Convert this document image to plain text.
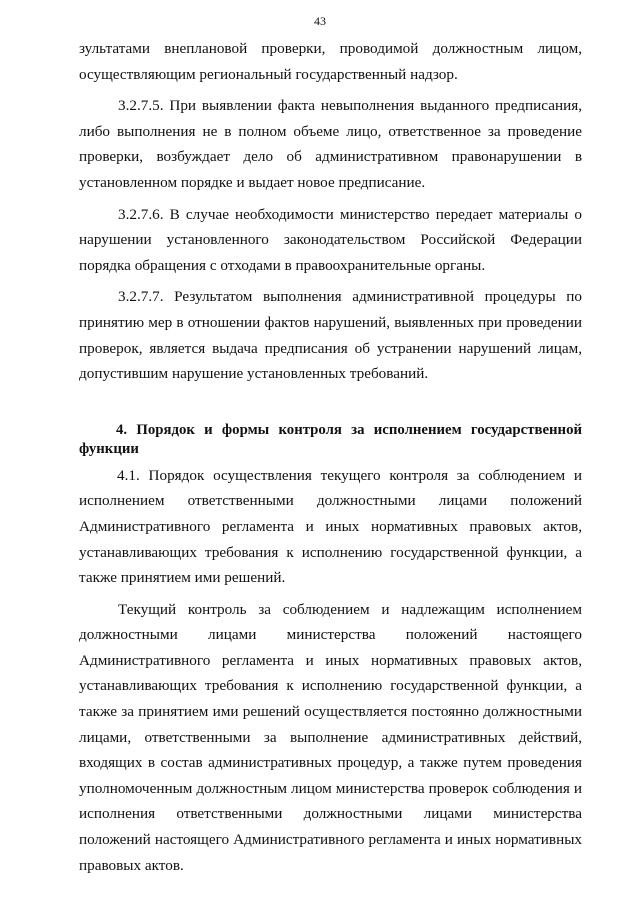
43

зультатами внеплановой проверки, проводимой должностным лицом, осуществляющим региональный государственный надзор.

3.2.7.5. При выявлении факта невыполнения выданного предписания, либо выполнения не в полном объеме лицо, ответственное за проведение проверки, возбуждает дело об административном правонарушении в установленном порядке и выдает новое предписание.

3.2.7.6. В случае необходимости министерство передает материалы о нарушении установленного законодательством Российской Федерации порядка обращения с отходами в правоохранительные органы.

3.2.7.7. Результатом выполнения административной процедуры по принятию мер в отношении фактов нарушений, выявленных при проведении проверок, является выдача предписания об устранении нарушений лицам, допустившим нарушение установленных требований.

4. Порядок и формы контроля за исполнением государственной функции

4.1. Порядок осуществления текущего контроля за соблюдением и исполнением ответственными должностными лицами положений Административного регламента и иных нормативных правовых актов, устанавливающих требования к исполнению государственной функции, а также принятием ими решений.

Текущий контроль за соблюдением и надлежащим исполнением должностными лицами министерства положений настоящего Административного регламента и иных нормативных правовых актов, устанавливающих требования к исполнению государственной функции, а также за принятием ими решений осуществляется постоянно должностными лицами, ответственными за выполнение административных действий, входящих в состав административных процедур, а также путем проведения уполномоченным должностным лицом министерства проверок соблюдения и исполнения ответственными должностными лицами министерства положений настоящего Административного регламента и иных нормативных правовых актов.
